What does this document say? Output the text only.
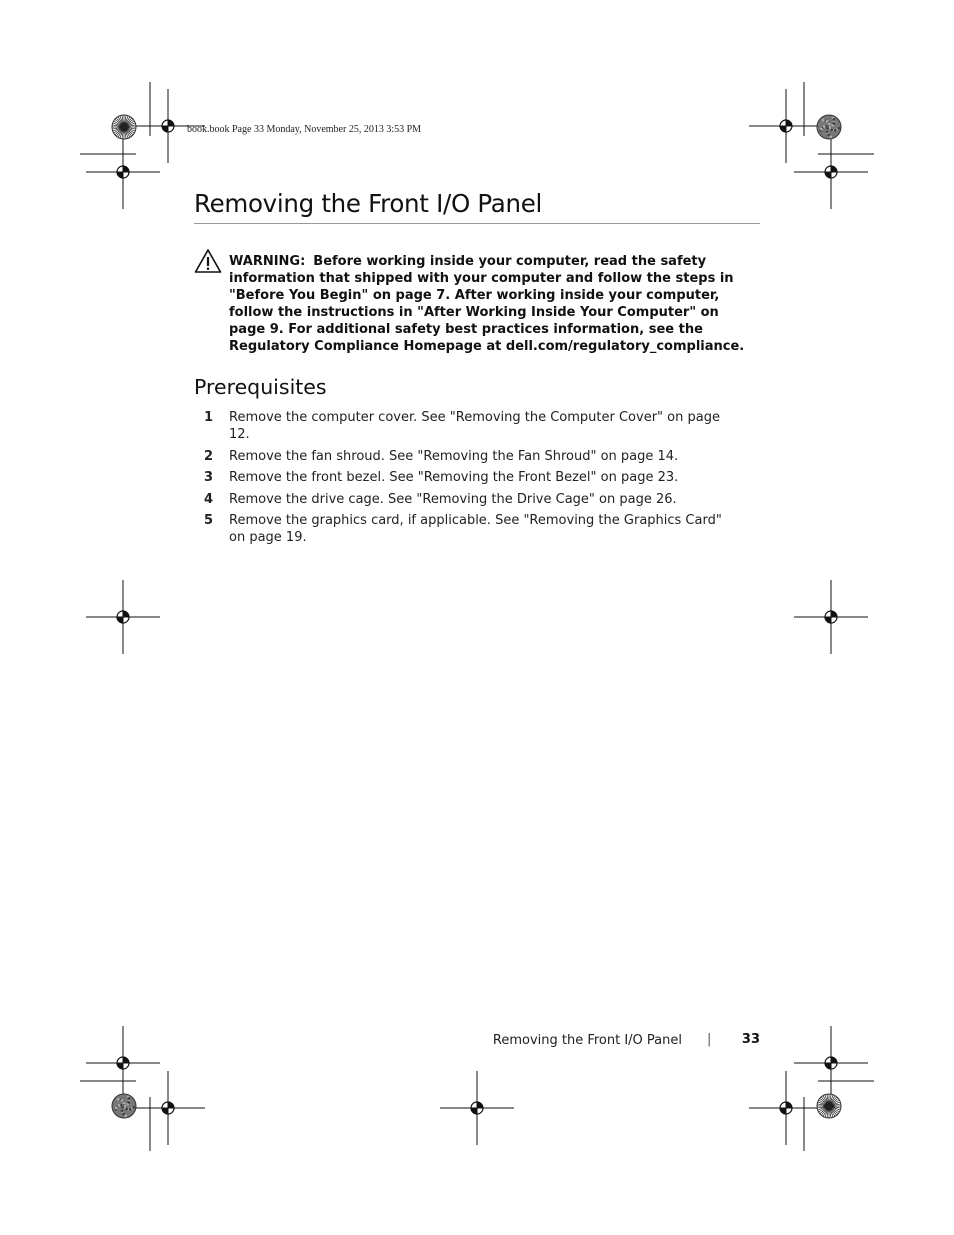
book.book Page 33 Monday, November 25, 2013 3:53 PM
Removing the Front I/O Panel
WARNING: Before working inside your computer, read the safety information that shipped with your computer and follow the steps in "Before You Begin" on page 7. After working inside your computer, follow the instructions in "After Working Inside Your Computer" on page 9. For additional safety best practices information, see the Regulatory Compliance Homepage at dell.com/regulatory_compliance.
Prerequisites
1	Remove the computer cover. See "Removing the Computer Cover" on page 12.
2	Remove the fan shroud. See "Removing the Fan Shroud" on page 14.
3	Remove the front bezel. See "Removing the Front Bezel" on page 23.
4	Remove the drive cage. See "Removing the Drive Cage" on page 26.
5	Remove the graphics card, if applicable. See "Removing the Graphics Card" on page 19.
Removing the Front I/O Panel | 33
